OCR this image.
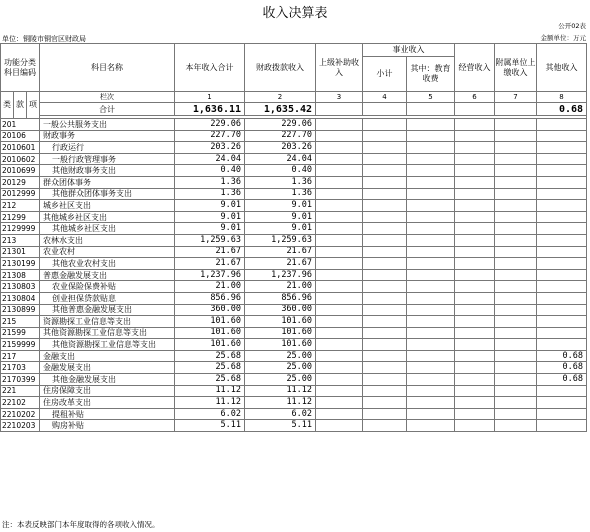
收入决算表
公开02表
单位：铜陵市铜官区财政局	金额单位：万元
功能分类科目编码			科目名称	本年收入合计	财政拨款收入	上级补助收入	事业收入		经营收入	附属单位上缴收入	其他收入
							小计	其中：教育收费			

类	款	项	栏次	1	2	3	4	5	6	7	8
			合计	1,636.11	1,635.42						0.68

201			一般公共服务支出	229.06	229.06						
20106			财政事务	227.70	227.70						
2010601			行政运行	203.26	203.26						
2010602			一般行政管理事务	24.04	24.04						
2010699			其他财政事务支出	0.40	0.40						
20129			群众团体事务	1.36	1.36						
2012999			其他群众团体事务支出	1.36	1.36						
212			城乡社区支出	9.01	9.01						
21299			其他城乡社区支出	9.01	9.01						
2129999			其他城乡社区支出	9.01	9.01						
213			农林水支出	1,259.63	1,259.63						
21301			农业农村	21.67	21.67						
2130199			其他农业农村支出	21.67	21.67						
21308			普惠金融发展支出	1,237.96	1,237.96						
2130803			农业保险保费补贴	21.00	21.00						
2130804			创业担保贷款贴息	856.96	856.96						
2130899			其他普惠金融发展支出	360.00	360.00						
215			资源勘探工业信息等支出	101.60	101.60						
21599			其他资源勘探工业信息等支出	101.60	101.60						
2159999			其他资源勘探工业信息等支出	101.60	101.60						
217			金融支出	25.68	25.00						0.68
21703			金融发展支出	25.68	25.00						0.68
2170399			其他金融发展支出	25.68	25.00						0.68
221			住房保障支出	11.12	11.12						
22102			住房改革支出	11.12	11.12						
2210202			提租补贴	6.02	6.02						
2210203			购房补贴	5.11	5.11						
注：本表反映部门本年度取得的各项收入情况。
